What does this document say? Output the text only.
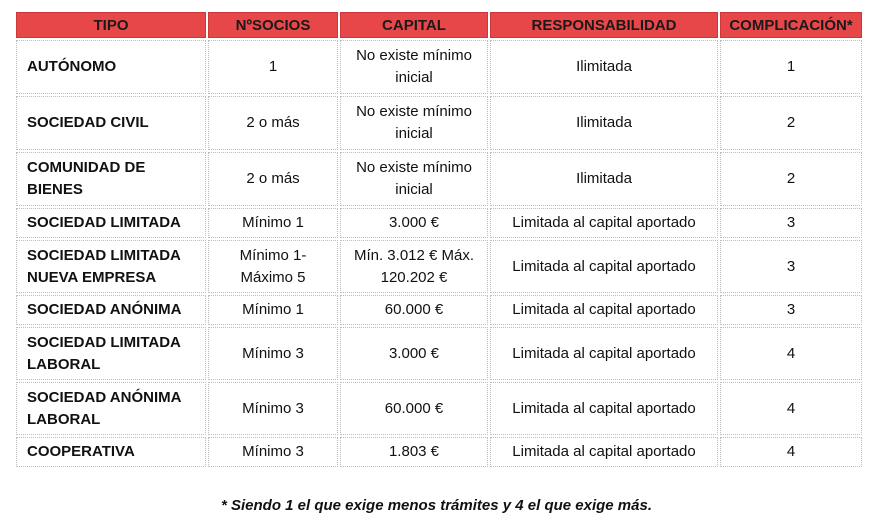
TIPO	NºSOCIOS	CAPITAL	RESPONSABILIDAD	COMPLICACIÓN*
AUTÓNOMO	1	No existe mínimo inicial	Ilimitada	1
SOCIEDAD CIVIL	2 o más	No existe mínimo inicial	Ilimitada	2
COMUNIDAD DE BIENES	2 o más	No existe mínimo inicial	Ilimitada	2
SOCIEDAD LIMITADA	Mínimo 1	3.000 €	Limitada al capital aportado	3
SOCIEDAD LIMITADA NUEVA EMPRESA	Mínimo 1- Máximo 5	Mín. 3.012 € Máx. 120.202 €	Limitada al capital aportado	3
SOCIEDAD ANÓNIMA	Mínimo 1	60.000 €	Limitada al capital aportado	3
SOCIEDAD LIMITADA LABORAL	Mínimo 3	3.000 €	Limitada al capital aportado	4
SOCIEDAD ANÓNIMA LABORAL	Mínimo 3	60.000 €	Limitada al capital aportado	4
COOPERATIVA	Mínimo 3	1.803 €	Limitada al capital aportado	4
* Siendo 1 el que exige menos trámites y 4 el que exige más.
